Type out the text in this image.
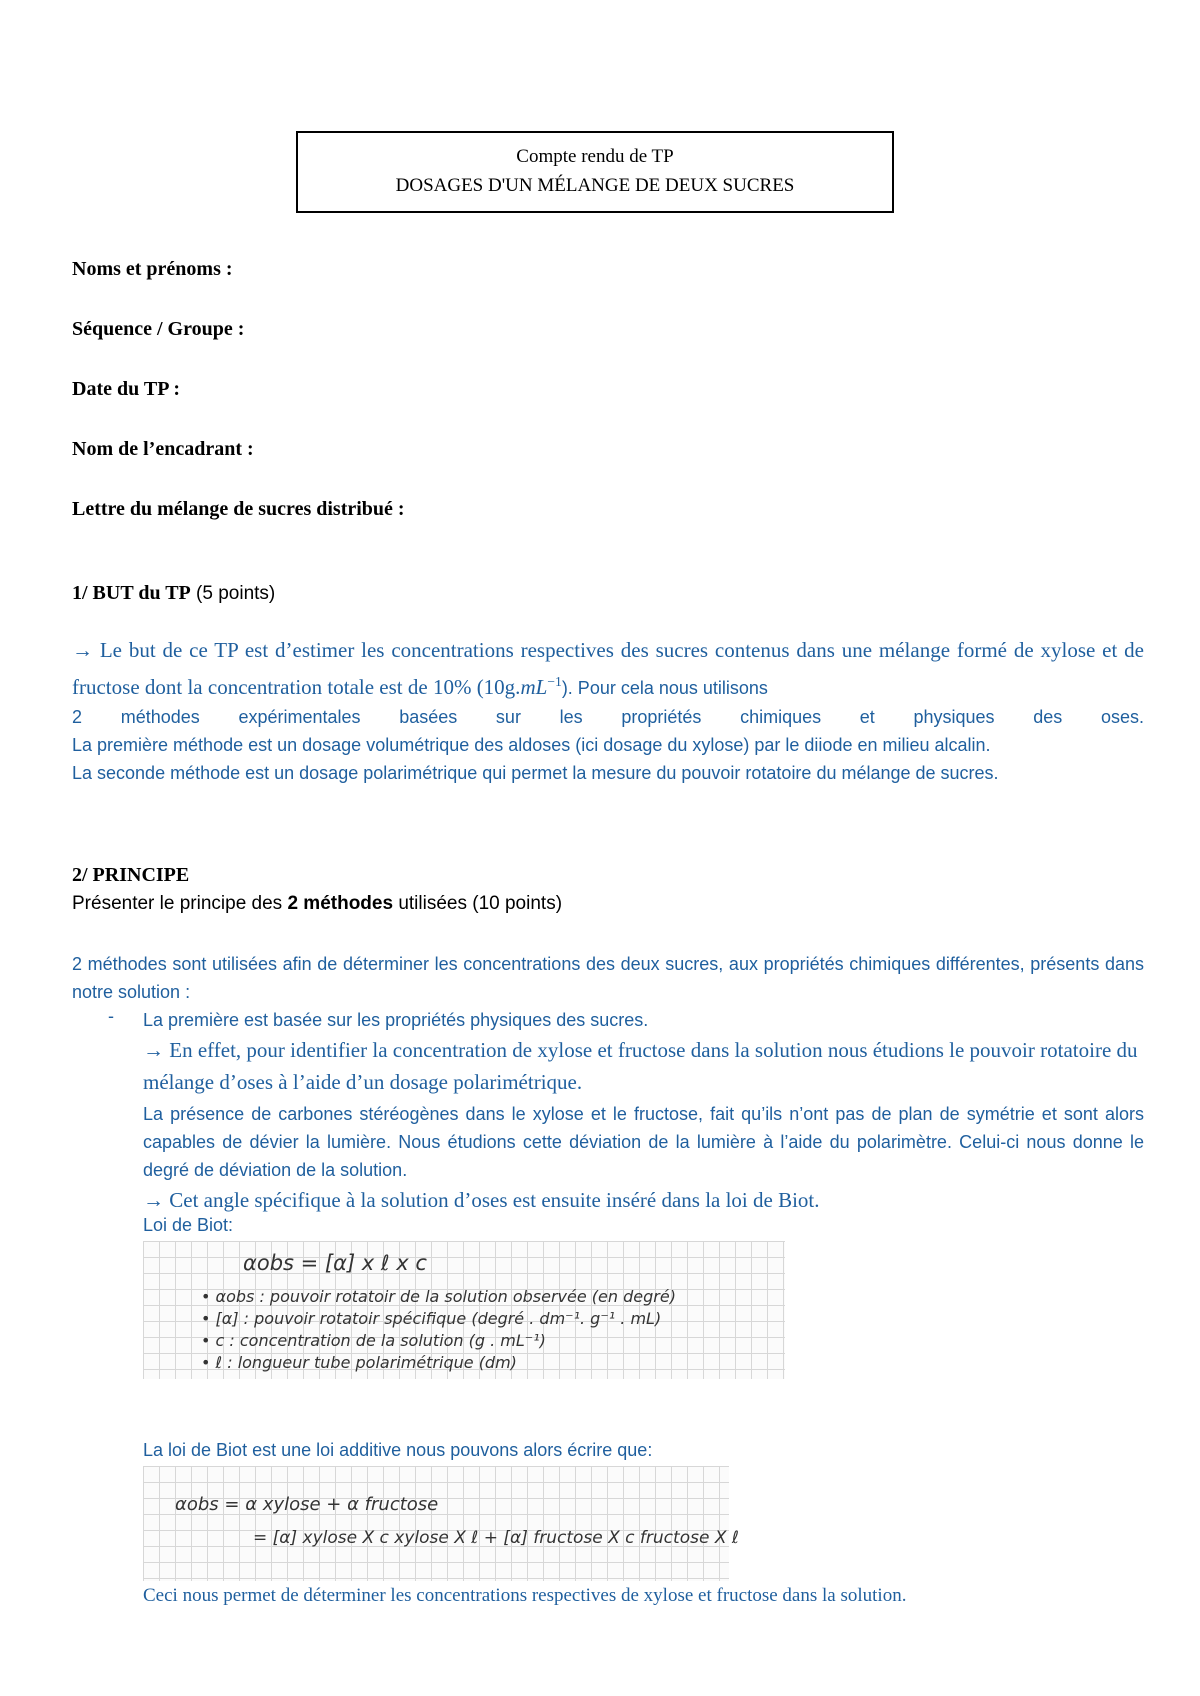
Compte rendu de TP
DOSAGES D'UN MÉLANGE DE DEUX SUCRES
Noms et prénoms :
Séquence / Groupe :
Date du TP :
Nom de l’encadrant :
Lettre du mélange de sucres distribué :
1/ BUT du TP (5 points)
→ Le but de ce TP est d’estimer les concentrations respectives des sucres contenus dans une mélange formé de xylose et de fructose dont la concentration totale est de 10% $(10g.mL^{-1})$. Pour cela nous utilisons
2 méthodes expérimentales basées sur les propriétés chimiques et physiques des oses.
La première méthode est un dosage volumétrique des aldoses (ici dosage du xylose) par le diiode en milieu alcalin.
La seconde méthode est un dosage polarimétrique qui permet la mesure du pouvoir rotatoire du mélange de sucres.
2/ PRINCIPE
Présenter le principe des 2 méthodes utilisées (10 points)
2 méthodes sont utilisées afin de déterminer les concentrations des deux sucres, aux propriétés chimiques différentes, présents dans notre solution :
- La première est basée sur les propriétés physiques des sucres.
→ En effet, pour identifier la concentration de xylose et fructose dans la solution nous étudions le pouvoir rotatoire du mélange d’oses à l’aide d’un dosage polarimétrique.
La présence de carbones stéréogènes dans le xylose et le fructose, fait qu’ils n’ont pas de plan de symétrie et sont alors capables de dévier la lumière. Nous étudions cette déviation de la lumière à l’aide du polarimètre. Celui-ci nous donne le degré de déviation de la solution.
→ Cet angle spécifique à la solution d’oses est ensuite inséré dans la loi de Biot.
Loi de Biot:
αobs = [α] x ℓ x c
• αobs : pouvoir rotatoir de la solution observée (en degré)
• [α] : pouvoir rotatoir spécifique (degré . dm⁻¹. g⁻¹ . mL)
• c : concentration de la solution (g . mL⁻¹)
• ℓ : longueur tube polarimétrique (dm)
La loi de Biot est une loi additive nous pouvons alors écrire que:
αobs = α xylose + α fructose
= [α] xylose X c xylose X ℓ + [α] fructose X c fructose X ℓ
Ceci nous permet de déterminer les concentrations respectives de xylose et fructose dans la solution.
